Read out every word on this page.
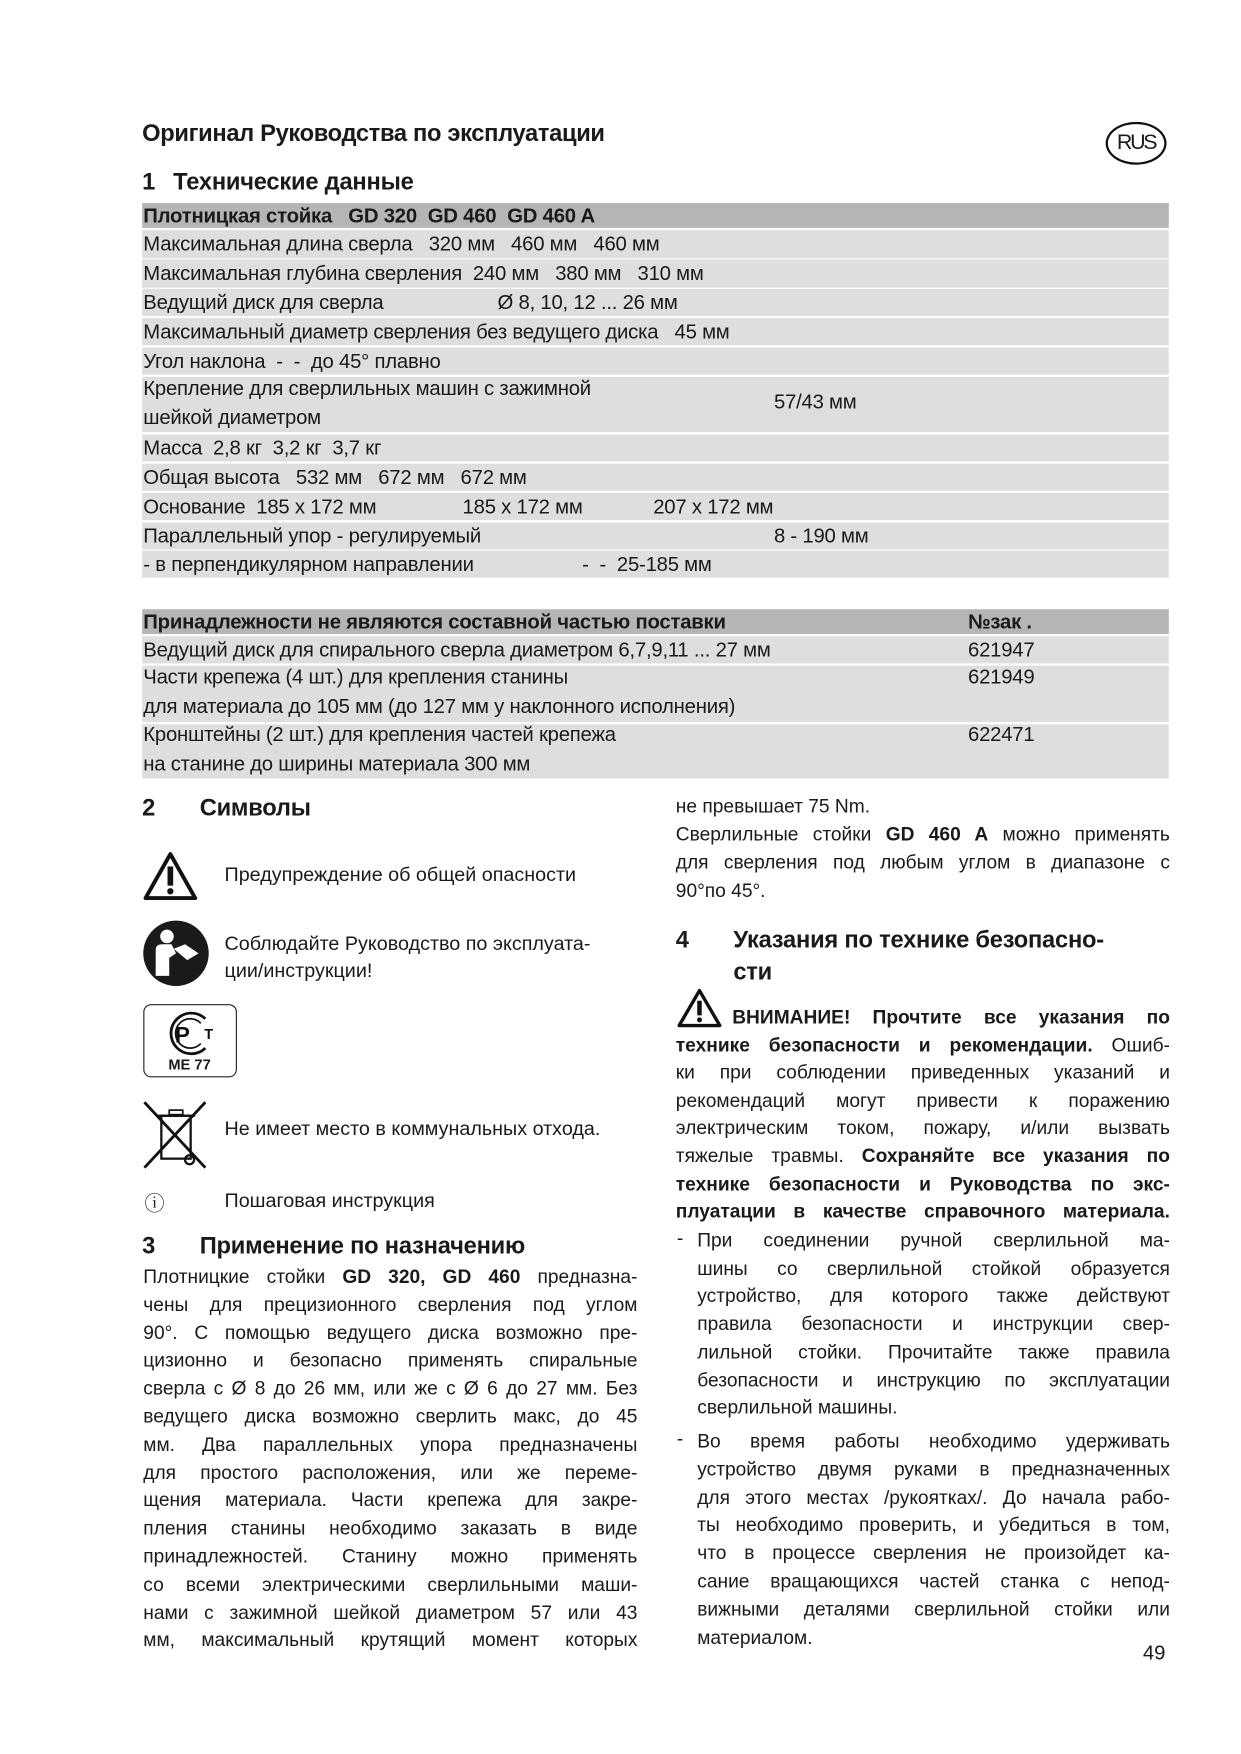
Оригинал Руководства по эксплуатации	RUS
1 Технические данные
Плотницкая стойка   GD 320  GD 460  GD 460 A
Максимальная длина сверла   320 мм   460 мм   460 мм
Максимальная глубина сверления  240 мм   380 мм   310 мм
Ведущий диск для сверла	Ø 8, 10, 12 ... 26 мм
Максимальный диаметр сверления без ведущего диска   45 мм
Угол наклона  -  -  до 45° плавно
Крепление для сверлильных машин с зажимной
шейкой диаметром
57/43 мм
Масса  2,8 кг  3,2 кг  3,7 кг
Общая высота   532 мм   672 мм   672 мм
Основание  185 x 172 мм	185 x 172 мм	207 x 172 мм
Параллельный упор - регулируемый	8 - 190 мм
- в перпендикулярном направлении	-  -  25-185 мм
Принадлежности не являются составной частью поставки	№зак .
Ведущий диск для спирального сверла диаметром 6,7,9,11 ... 27 мм	621947
Части крепежа (4 шт.) для крепления станины
для материала до 105 мм (до 127 мм у наклонного исполнения)
621949
Кронштейны (2 шт.) для крепления частей крепежа
на станине до ширины материала 300 мм
622471
2 Символы
Предупреждение об общей опасности
Соблюдайте Руководство по эксплуата-
ции/инструкции!
P T
ME 77
Не имеет место в коммунальных отхода.
ⓘ	Пошаговая инструкция
3 Применение по назначению
Плотницкие стойки GD 320, GD 460 предназна-
чены для прецизионного сверления под углом
90°. С помощью ведущего диска возможно пре-
цизионно и безопасно применять спиральные
сверла с Ø 8 до 26 мм, или же с Ø 6 до 27 мм. Без
ведущего диска возможно сверлить макс, до 45
мм. Два параллельных упора предназначены
для простого расположения, или же переме-
щения материала. Части крепежа для закре-
пления станины необходимо заказать в виде
принадлежностей. Станину можно применять
со всеми электрическими сверлильными маши-
нами с зажимной шейкой диаметром 57 или 43
мм, максимальный крутящий момент которых
не превышает 75 Nm.
Сверлильные стойки GD 460 A можно применять
для сверления под любым углом в диапазоне с
90°по 45°.
4 Указания по технике безопасно-
сти
ВНИМАНИЕ! Прочтите все указания по
технике безопасности и рекомендации. Ошиб-
ки при соблюдении приведенных указаний и
рекомендаций могут привести к поражению
электрическим током, пожару, и/или вызвать
тяжелые травмы. Сохраняйте все указания по
технике безопасности и Руководства по экс-
плуатации в качестве справочного материала.
- При соединении ручной сверлильной ма-
шины со сверлильной стойкой образуется
устройство, для которого также действуют
правила безопасности и инструкции свер-
лильной стойки. Прочитайте также правила
безопасности и инструкцию по эксплуатации
сверлильной машины.
- Во время работы необходимо удерживать
устройство двумя руками в предназначенных
для этого местах /рукоятках/. До начала рабо-
ты необходимо проверить, и убедиться в том,
что в процессе сверления не произойдет ка-
сание вращающихся частей станка с непод-
вижными деталями сверлильной стойки или
материалом.
49
